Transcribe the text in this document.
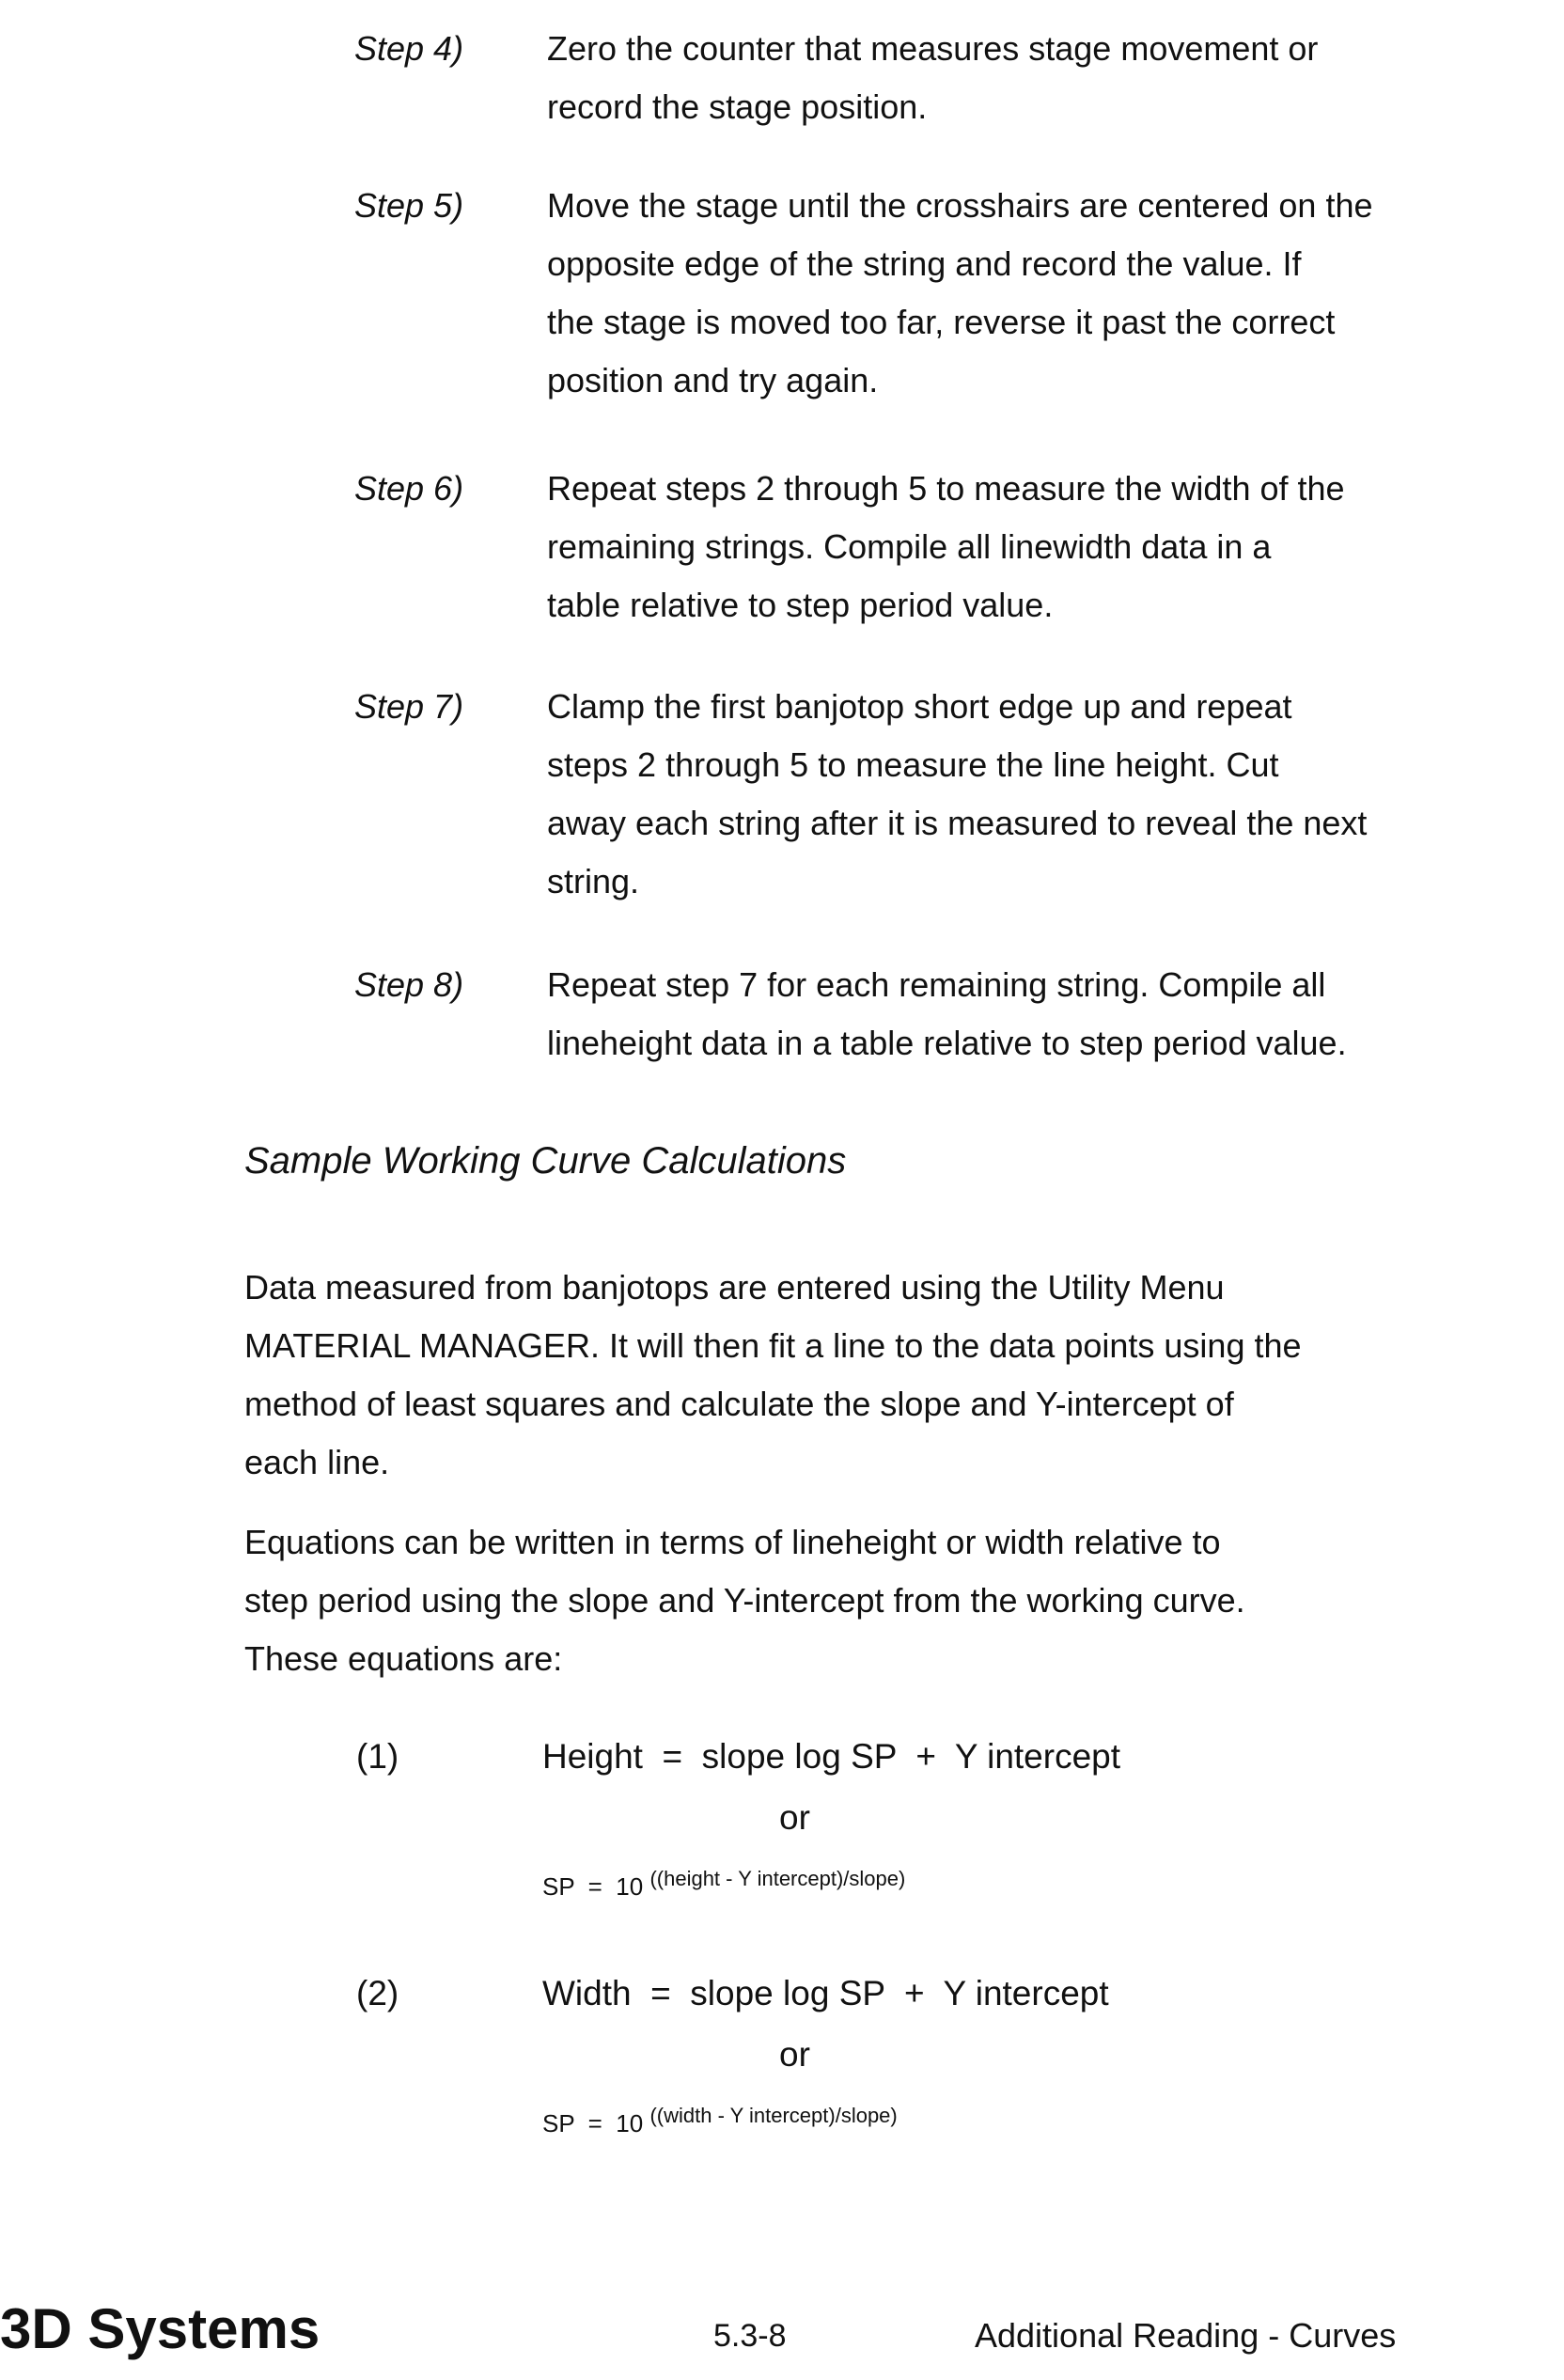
Step 4) Zero the counter that measures stage movement or
record the stage position.
Step 5) Move the stage until the crosshairs are centered on the
opposite edge of the string and record the value. If
the stage is moved too far, reverse it past the correct
position and try again.
Step 6) Repeat steps 2 through 5 to measure the width of the
remaining strings. Compile all linewidth data in a
table relative to step period value.
Step 7) Clamp the first banjotop short edge up and repeat
steps 2 through 5 to measure the line height. Cut
away each string after it is measured to reveal the next
string.
Step 8) Repeat step 7 for each remaining string. Compile all
lineheight data in a table relative to step period value.
Sample Working Curve Calculations
Data measured from banjotops are entered using the Utility Menu
MATERIAL MANAGER. It will then fit a line to the data points using the
method of least squares and calculate the slope and Y-intercept of
each line.
Equations can be written in terms of lineheight or width relative to
step period using the slope and Y-intercept from the working curve.
These equations are:
(1)	Height  =  slope log SP  +  Y intercept
or
SP  =  10 ((height - Y intercept)/slope)
(2)	Width  =  slope log SP  +  Y intercept
or
SP  =  10 ((width - Y intercept)/slope)
3D Systems	5.3-8	Additional Reading - Curves
